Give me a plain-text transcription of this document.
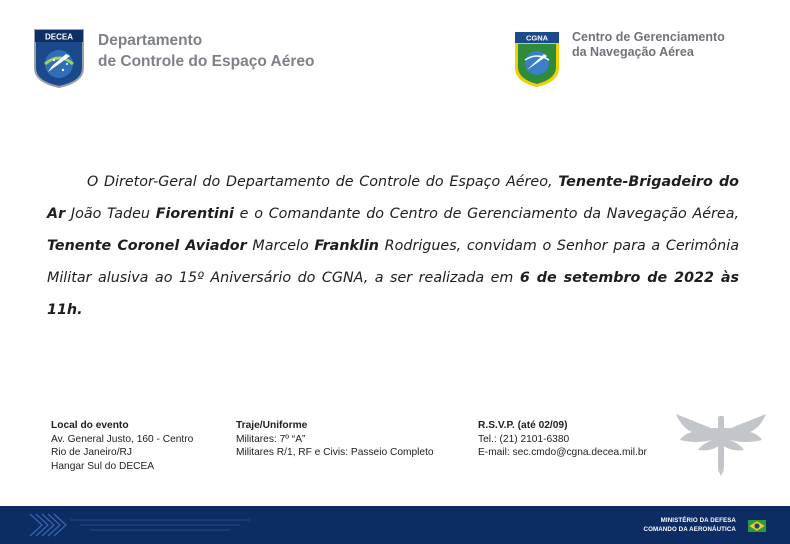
DECEA Departamento
de Controle do Espaço Aéreo
CGNA Centro de Gerenciamento
da Navegação Aérea
O Diretor-Geral do Departamento de Controle do Espaço Aéreo, Tenente-Brigadeiro do Ar João Tadeu Fiorentini e o Comandante do Centro de Gerenciamento da Navegação Aérea, Tenente Coronel Aviador Marcelo Franklin Rodrigues, convidam o Senhor para a Cerimônia Militar alusiva ao 15º Aniversário do CGNA, a ser realizada em 6 de setembro de 2022 às 11h.
Local do evento
Av. General Justo, 160 - Centro
Rio de Janeiro/RJ
Hangar Sul do DECEA
Traje/Uniforme
Militares: 7º “A”
Militares R/1, RF e Civis: Passeio Completo
R.S.V.P. (até 02/09)
Tel.: (21) 2101-6380
E-mail: sec.cmdo@cgna.decea.mil.br
MINISTÉRIO DA DEFESA
COMANDO DA AERONÁUTICA
